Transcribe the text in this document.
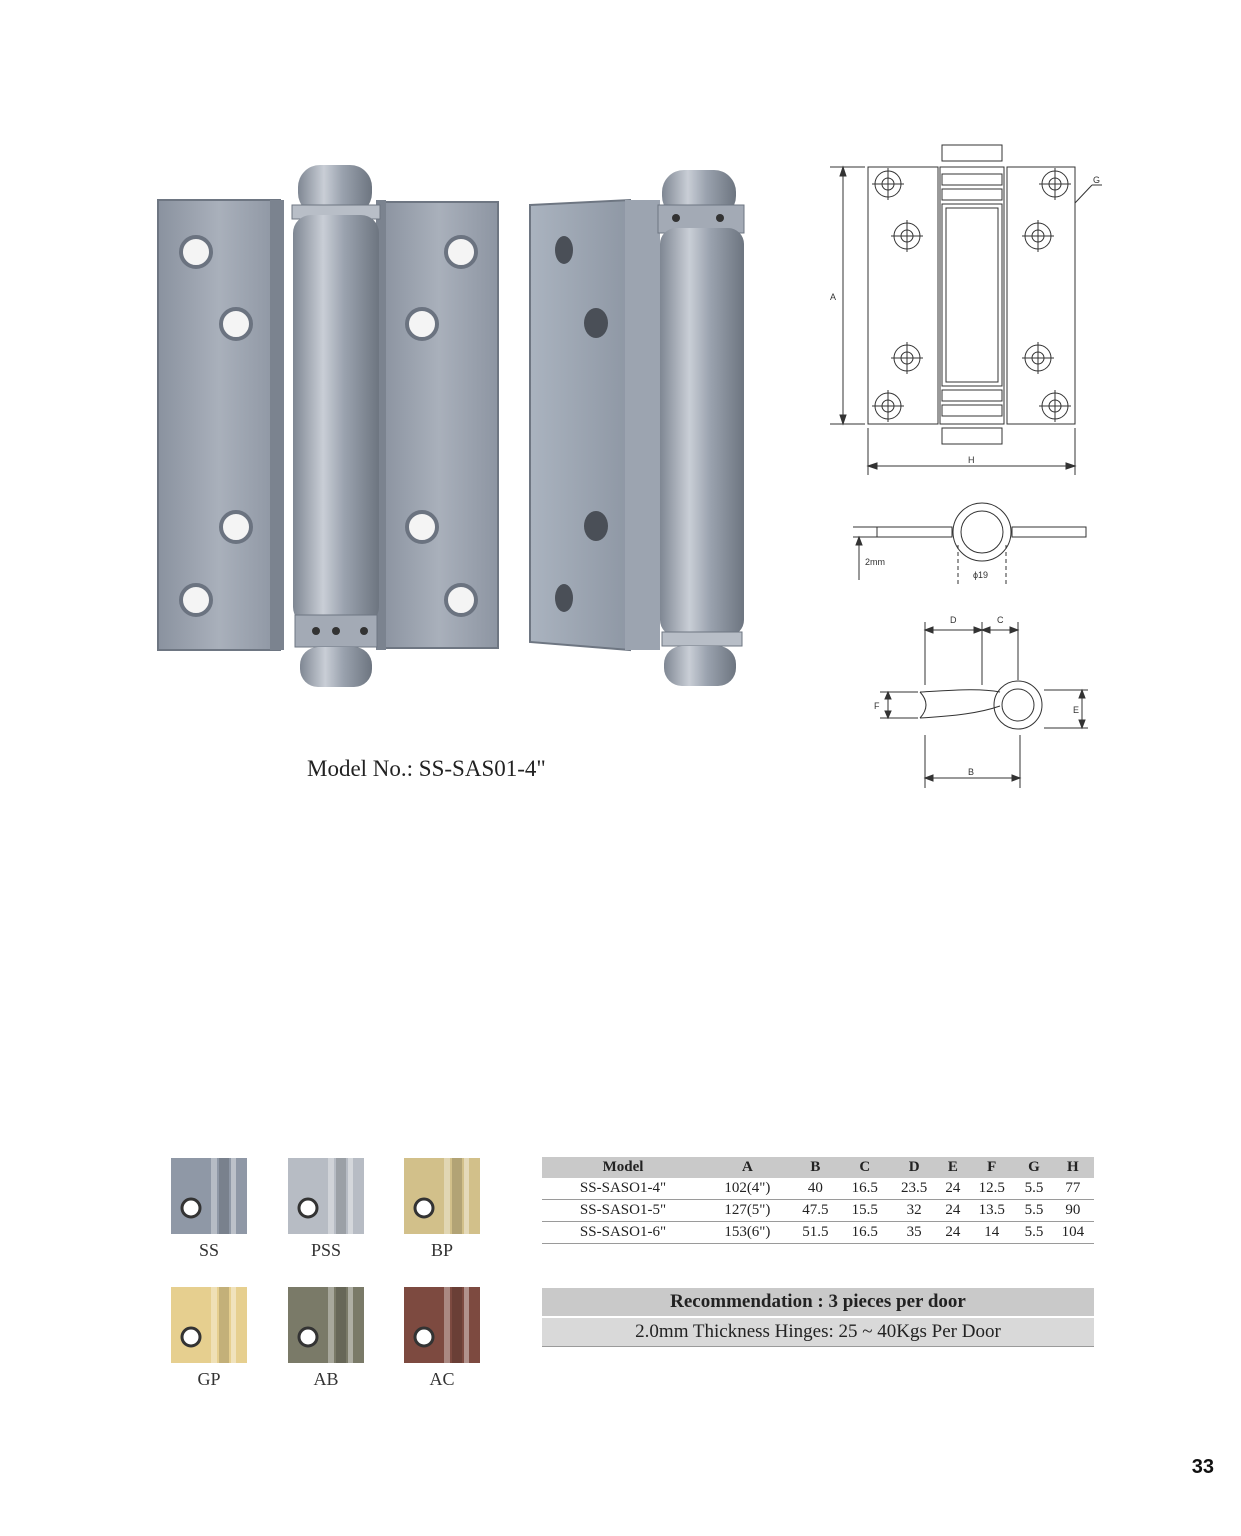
Model No.: SS-SAS01-4"
A
H
G
2mm
ϕ19
D	C
F	E
B
SS	PSS	BP
GP	AB	AC
Model	A	B	C	D	E	F	G	H
SS-SASO1-4"	102(4")	40	16.5	23.5	24	12.5	5.5	77
SS-SASO1-5"	127(5")	47.5	15.5	32	24	13.5	5.5	90
SS-SASO1-6"	153(6")	51.5	16.5	35	24	14	5.5	104
Recommendation : 3 pieces per door
2.0mm Thickness Hinges: 25 ~ 40Kgs Per Door
33
